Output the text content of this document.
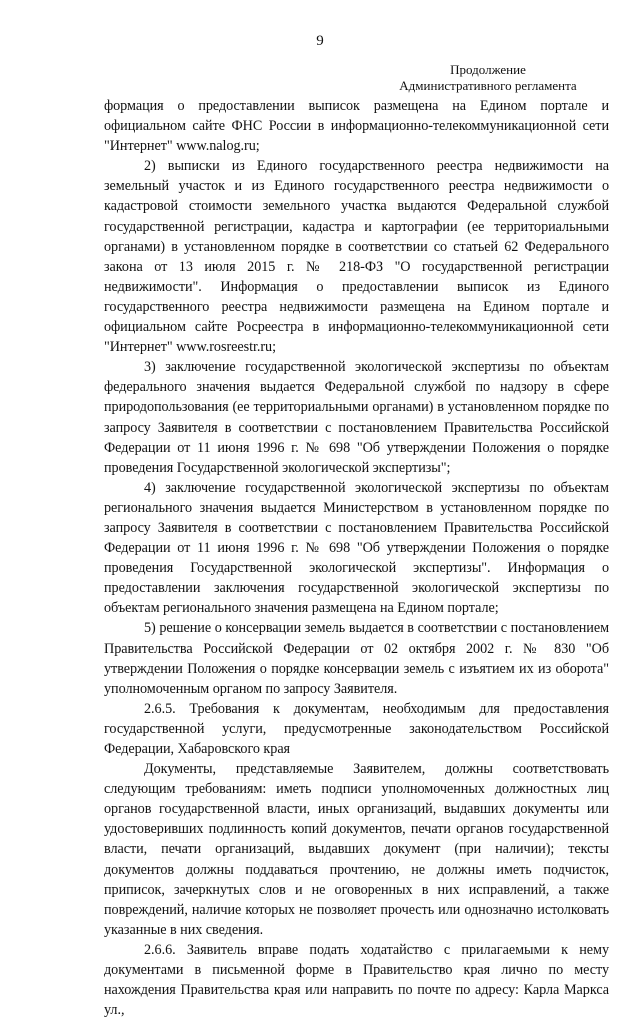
9
Продолжение
Административного регламента

формация о предоставлении выписок размещена на Едином портале и официальном сайте ФНС России в информационно-телекоммуникационной сети "Интернет" www.nalog.ru;

2) выписки из Единого государственного реестра недвижимости на земельный участок и из Единого государственного реестра недвижимости о кадастровой стоимости земельного участка выдаются Федеральной службой государственной регистрации, кадастра и картографии (ее территориальными органами) в установленном порядке в соответствии со статьей 62 Федерального закона от 13 июля 2015 г. № 218-ФЗ "О государственной регистрации недвижимости". Информация о предоставлении выписок из Единого государственного реестра недвижимости размещена на Едином портале и официальном сайте Росреестра в информационно-телекоммуникационной сети "Интернет" www.rosreestr.ru;

3) заключение государственной экологической экспертизы по объектам федерального значения выдается Федеральной службой по надзору в сфере природопользования (ее территориальными органами) в установленном порядке по запросу Заявителя в соответствии с постановлением Правительства Российской Федерации от 11 июня 1996 г. № 698 "Об утверждении Положения о порядке проведения Государственной экологической экспертизы";

4) заключение государственной экологической экспертизы по объектам регионального значения выдается Министерством в установленном порядке по запросу Заявителя в соответствии с постановлением Правительства Российской Федерации от 11 июня 1996 г. № 698 "Об утверждении Положения о порядке проведения Государственной экологической экспертизы". Информация о предоставлении заключения государственной экологической экспертизы по объектам регионального значения размещена на Едином портале;

5) решение о консервации земель выдается в соответствии с постановлением Правительства Российской Федерации от 02 октября 2002 г. № 830 "Об утверждении Положения о порядке консервации земель с изъятием их из оборота" уполномоченным органом по запросу Заявителя.

2.6.5. Требования к документам, необходимым для предоставления государственной услуги, предусмотренные законодательством Российской Федерации, Хабаровского края

Документы, представляемые Заявителем, должны соответствовать следующим требованиям: иметь подписи уполномоченных должностных лиц органов государственной власти, иных организаций, выдавших документы или удостоверивших подлинность копий документов, печати органов государственной власти, печати организаций, выдавших документ (при наличии); тексты документов должны поддаваться прочтению, не должны иметь подчисток, приписок, зачеркнутых слов и не оговоренных в них исправлений, а также повреждений, наличие которых не позволяет прочесть или однозначно истолковать указанные в них сведения.

2.6.6. Заявитель вправе подать ходатайство с прилагаемыми к нему документами в письменной форме в Правительство края лично по месту нахождения Правительства края или направить по почте по адресу: Карла Маркса ул.,
